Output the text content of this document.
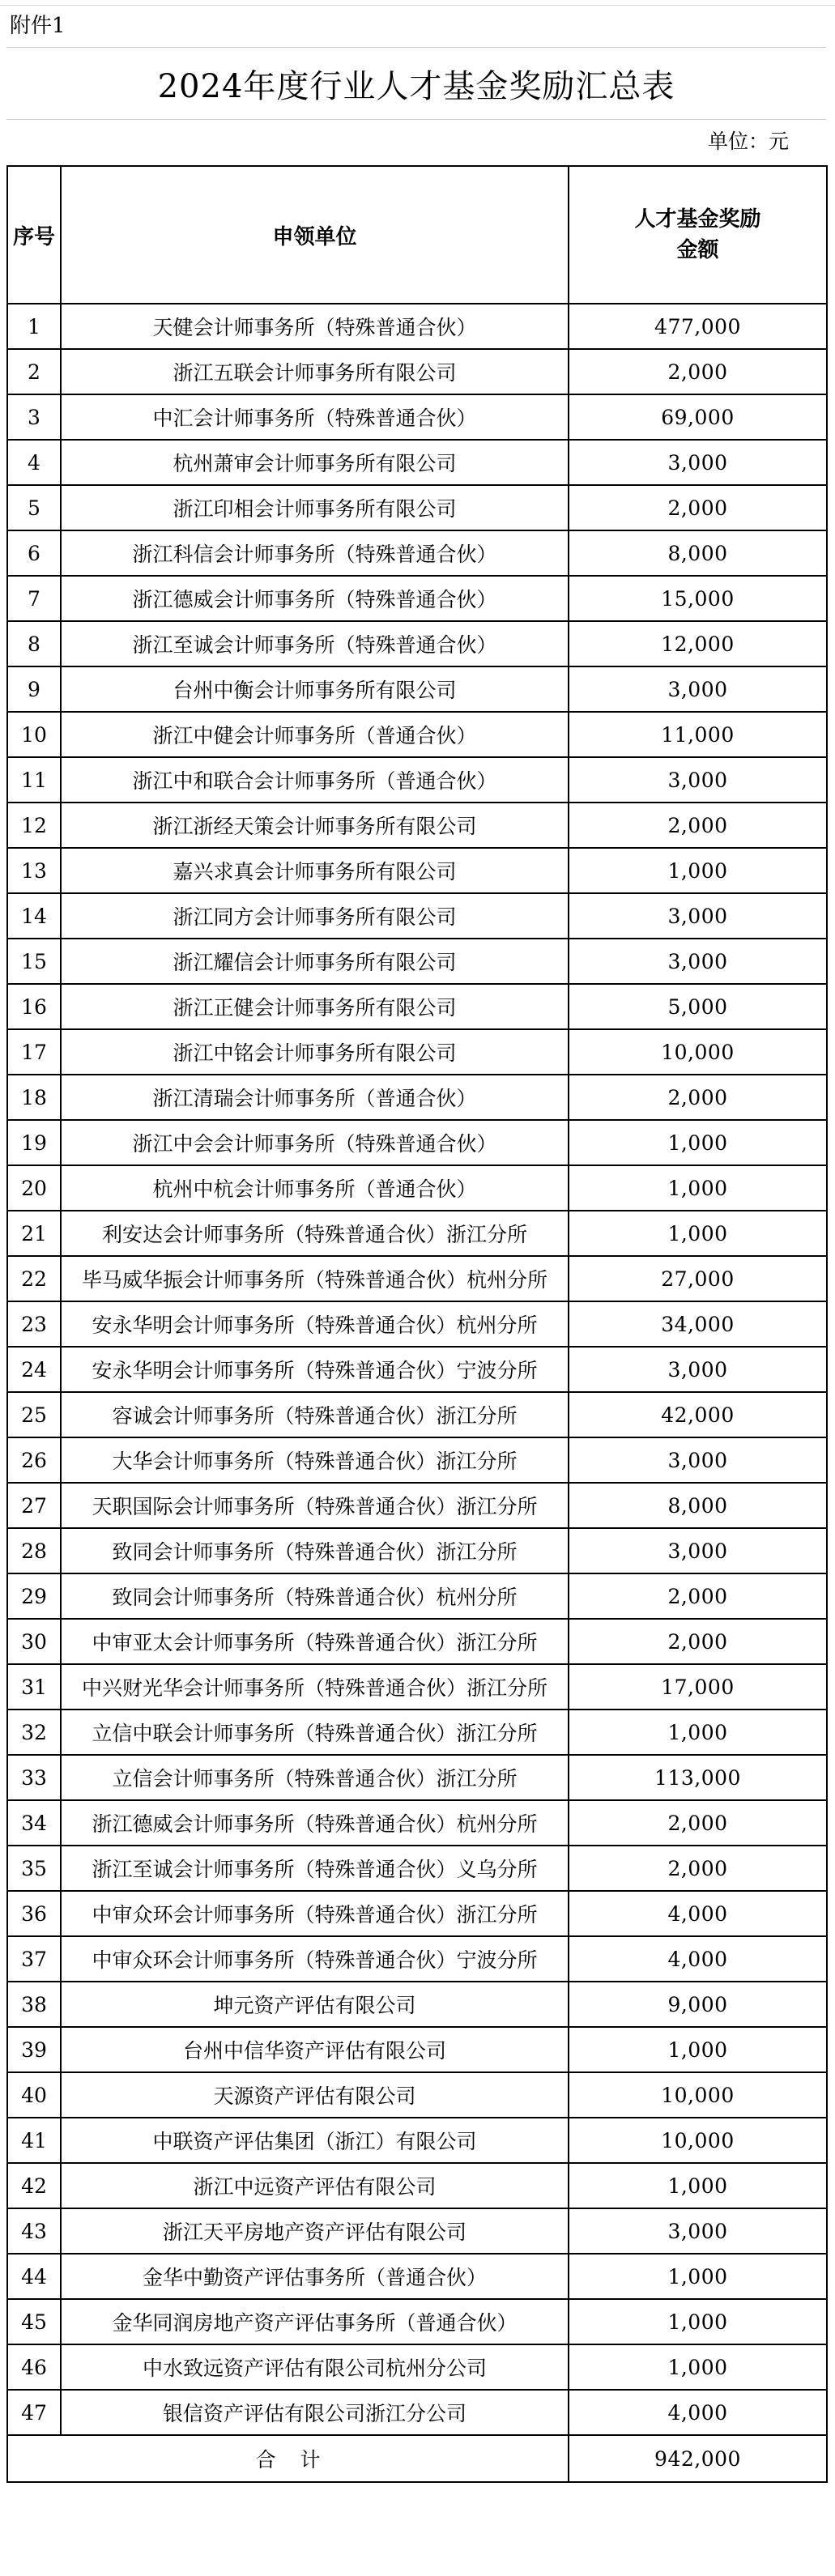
附件1
2024年度行业人才基金奖励汇总表
单位：元
序号	申领单位	人才基金奖励
金额
1	天健会计师事务所（特殊普通合伙）	477,000
2	浙江五联会计师事务所有限公司	2,000
3	中汇会计师事务所（特殊普通合伙）	69,000
4	杭州萧审会计师事务所有限公司	3,000
5	浙江印相会计师事务所有限公司	2,000
6	浙江科信会计师事务所（特殊普通合伙）	8,000
7	浙江德威会计师事务所（特殊普通合伙）	15,000
8	浙江至诚会计师事务所（特殊普通合伙）	12,000
9	台州中衡会计师事务所有限公司	3,000
10	浙江中健会计师事务所（普通合伙）	11,000
11	浙江中和联合会计师事务所（普通合伙）	3,000
12	浙江浙经天策会计师事务所有限公司	2,000
13	嘉兴求真会计师事务所有限公司	1,000
14	浙江同方会计师事务所有限公司	3,000
15	浙江耀信会计师事务所有限公司	3,000
16	浙江正健会计师事务所有限公司	5,000
17	浙江中铭会计师事务所有限公司	10,000
18	浙江清瑞会计师事务所（普通合伙）	2,000
19	浙江中会会计师事务所（特殊普通合伙）	1,000
20	杭州中杭会计师事务所（普通合伙）	1,000
21	利安达会计师事务所（特殊普通合伙）浙江分所	1,000
22	毕马威华振会计师事务所（特殊普通合伙）杭州分所	27,000
23	安永华明会计师事务所（特殊普通合伙）杭州分所	34,000
24	安永华明会计师事务所（特殊普通合伙）宁波分所	3,000
25	容诚会计师事务所（特殊普通合伙）浙江分所	42,000
26	大华会计师事务所（特殊普通合伙）浙江分所	3,000
27	天职国际会计师事务所（特殊普通合伙）浙江分所	8,000
28	致同会计师事务所（特殊普通合伙）浙江分所	3,000
29	致同会计师事务所（特殊普通合伙）杭州分所	2,000
30	中审亚太会计师事务所（特殊普通合伙）浙江分所	2,000
31	中兴财光华会计师事务所（特殊普通合伙）浙江分所	17,000
32	立信中联会计师事务所（特殊普通合伙）浙江分所	1,000
33	立信会计师事务所（特殊普通合伙）浙江分所	113,000
34	浙江德威会计师事务所（特殊普通合伙）杭州分所	2,000
35	浙江至诚会计师事务所（特殊普通合伙）义乌分所	2,000
36	中审众环会计师事务所（特殊普通合伙）浙江分所	4,000
37	中审众环会计师事务所（特殊普通合伙）宁波分所	4,000
38	坤元资产评估有限公司	9,000
39	台州中信华资产评估有限公司	1,000
40	天源资产评估有限公司	10,000
41	中联资产评估集团（浙江）有限公司	10,000
42	浙江中远资产评估有限公司	1,000
43	浙江天平房地产资产评估有限公司	3,000
44	金华中勤资产评估事务所（普通合伙）	1,000
45	金华同润房地产资产评估事务所（普通合伙）	1,000
46	中水致远资产评估有限公司杭州分公司	1,000
47	银信资产评估有限公司浙江分公司	4,000
合计		942,000
